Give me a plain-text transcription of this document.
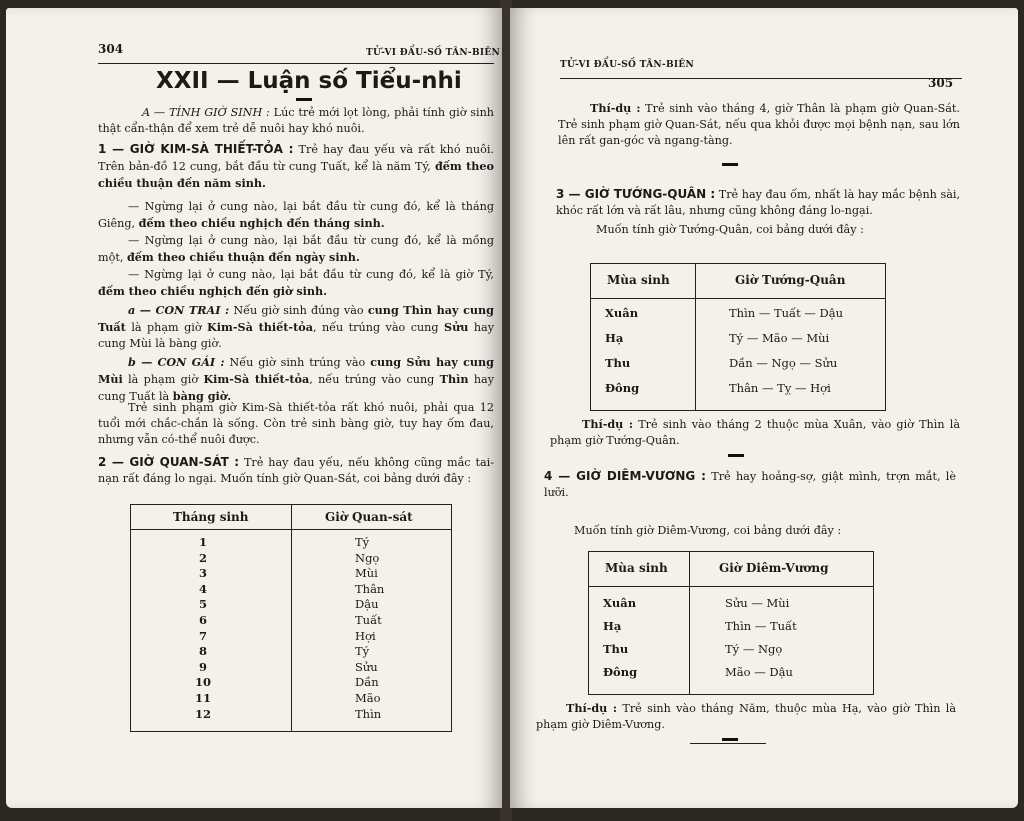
304	TỬ-VI ĐẨU-SỐ TÂN-BIÊN
XXII — Luận số Tiểu-nhi
A — TÍNH GIỜ SINH : Lúc trẻ mới lọt lòng, phải tính giờ sinh thật cẩn-thận để xem trẻ dễ nuôi hay khó nuôi.
1 — GIỜ KIM-SÀ THIẾT-TỎA : Trẻ hay đau yếu và rất khó nuôi. Trên bản-đồ 12 cung, bắt đầu từ cung Tuất, kể là năm Tý, đếm theo chiều thuận đến năm sinh.
— Ngừng lại ở cung nào, lại bắt đầu từ cung đó, kể là tháng Giêng, đếm theo chiều nghịch đến tháng sinh.
— Ngừng lại ở cung nào, lại bắt đầu từ cung đó, kể là mồng một, đếm theo chiều thuận đến ngày sinh.
— Ngừng lại ở cung nào, lại bắt đầu từ cung đó, kể là giờ Tý, đếm theo chiều nghịch đến giờ sinh.
a — CON TRAI : Nếu giờ sinh đúng vào cung Thìn hay cung Tuất là phạm giờ Kim-Sà thiết-tỏa, nếu trúng vào cung Sửu hay cung Mùi là bàng giờ.
b — CON GÁI : Nếu giờ sinh trúng vào cung Sửu hay cung Mùi là phạm giờ Kim-Sà thiết-tỏa, nếu trúng vào cung Thìn hay cung Tuất là bàng giờ.
Trẻ sinh phạm giờ Kim-Sà thiết-tỏa rất khó nuôi, phải qua 12 tuổi mới chắc-chắn là sống. Còn trẻ sinh bàng giờ, tuy hay ốm đau, nhưng vẫn có-thể nuôi được.
2 — GIỜ QUAN-SÁT : Trẻ hay đau yếu, nếu không cũng mắc tai-nạn rất đáng lo ngại. Muốn tính giờ Quan-Sát, coi bảng dưới đây :
Tháng sinh	Giờ Quan-sát
1	Tý
2	Ngọ
3	Mùi
4	Thân
5	Dậu
6	Tuất
7	Hợi
8	Tý
9	Sửu
10	Dần
11	Mão
12	Thìn
TỬ-VI ĐẨU-SỐ TÂN-BIÊN
305
Thí-dụ : Trẻ sinh vào tháng 4, giờ Thân là phạm giờ Quan-Sát. Trẻ sinh phạm giờ Quan-Sát, nếu qua khỏi được mọi bệnh nạn, sau lớn lên rất gan-góc và ngang-tàng.
3 — GIỜ TƯỚNG-QUÂN : Trẻ hay đau ốm, nhất là hay mắc bệnh sài, khóc rất lớn và rất lâu, nhưng cũng không đáng lo-ngại.
Muốn tính giờ Tướng-Quân, coi bảng dưới đây :
Mùa sinh	Giờ Tướng-Quân
Xuân	Thìn — Tuất — Dậu
Hạ	Tý — Mão — Mùi
Thu	Dần — Ngọ — Sửu
Đông	Thân — Tỵ — Hợi
Thí-dụ : Trẻ sinh vào tháng 2 thuộc mùa Xuân, vào giờ Thìn là phạm giờ Tướng-Quân.
4 — GIỜ DIÊM-VƯƠNG : Trẻ hay hoảng-sợ, giật mình, trợn mắt, lè lưỡi.
Muốn tính giờ Diêm-Vương, coi bảng dưới đây :
Mùa sinh	Giờ Diêm-Vương
Xuân	Sửu — Mùi
Hạ	Thìn — Tuất
Thu	Tý — Ngọ
Đông	Mão — Dậu
Thí-dụ : Trẻ sinh vào tháng Năm, thuộc mùa Hạ, vào giờ Thìn là phạm giờ Diêm-Vương.
